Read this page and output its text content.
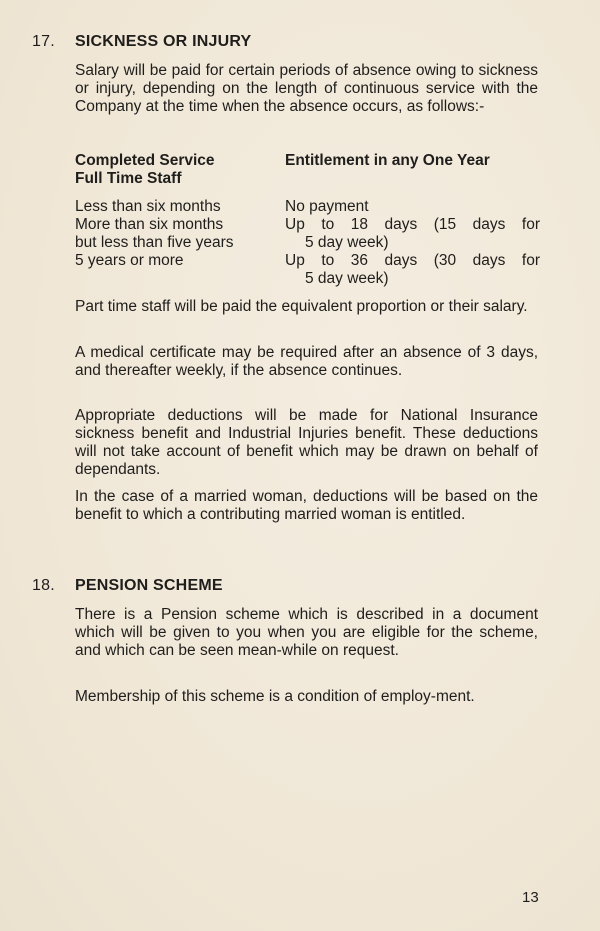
17. SICKNESS OR INJURY
Salary will be paid for certain periods of absence owing to sickness or injury, depending on the length of continuous service with the Company at the time when the absence occurs, as follows:-
Completed Service
Full Time Staff
Entitlement in any One Year
Less than six months	No payment
More than six months
but less than five years
Up to 18 days (15 days for
5 day week)
5 years or more	Up to 36 days (30 days for
5 day week)
Part time staff will be paid the equivalent proportion or their salary.
A medical certificate may be required after an absence of 3 days, and thereafter weekly, if the absence continues.
Appropriate deductions will be made for National Insurance sickness benefit and Industrial Injuries benefit. These deductions will not take account of benefit which may be drawn on behalf of dependants.
In the case of a married woman, deductions will be based on the benefit to which a contributing married woman is entitled.
18. PENSION SCHEME
There is a Pension scheme which is described in a document which will be given to you when you are eligible for the scheme, and which can be seen mean-while on request.
Membership of this scheme is a condition of employ-ment.
13
